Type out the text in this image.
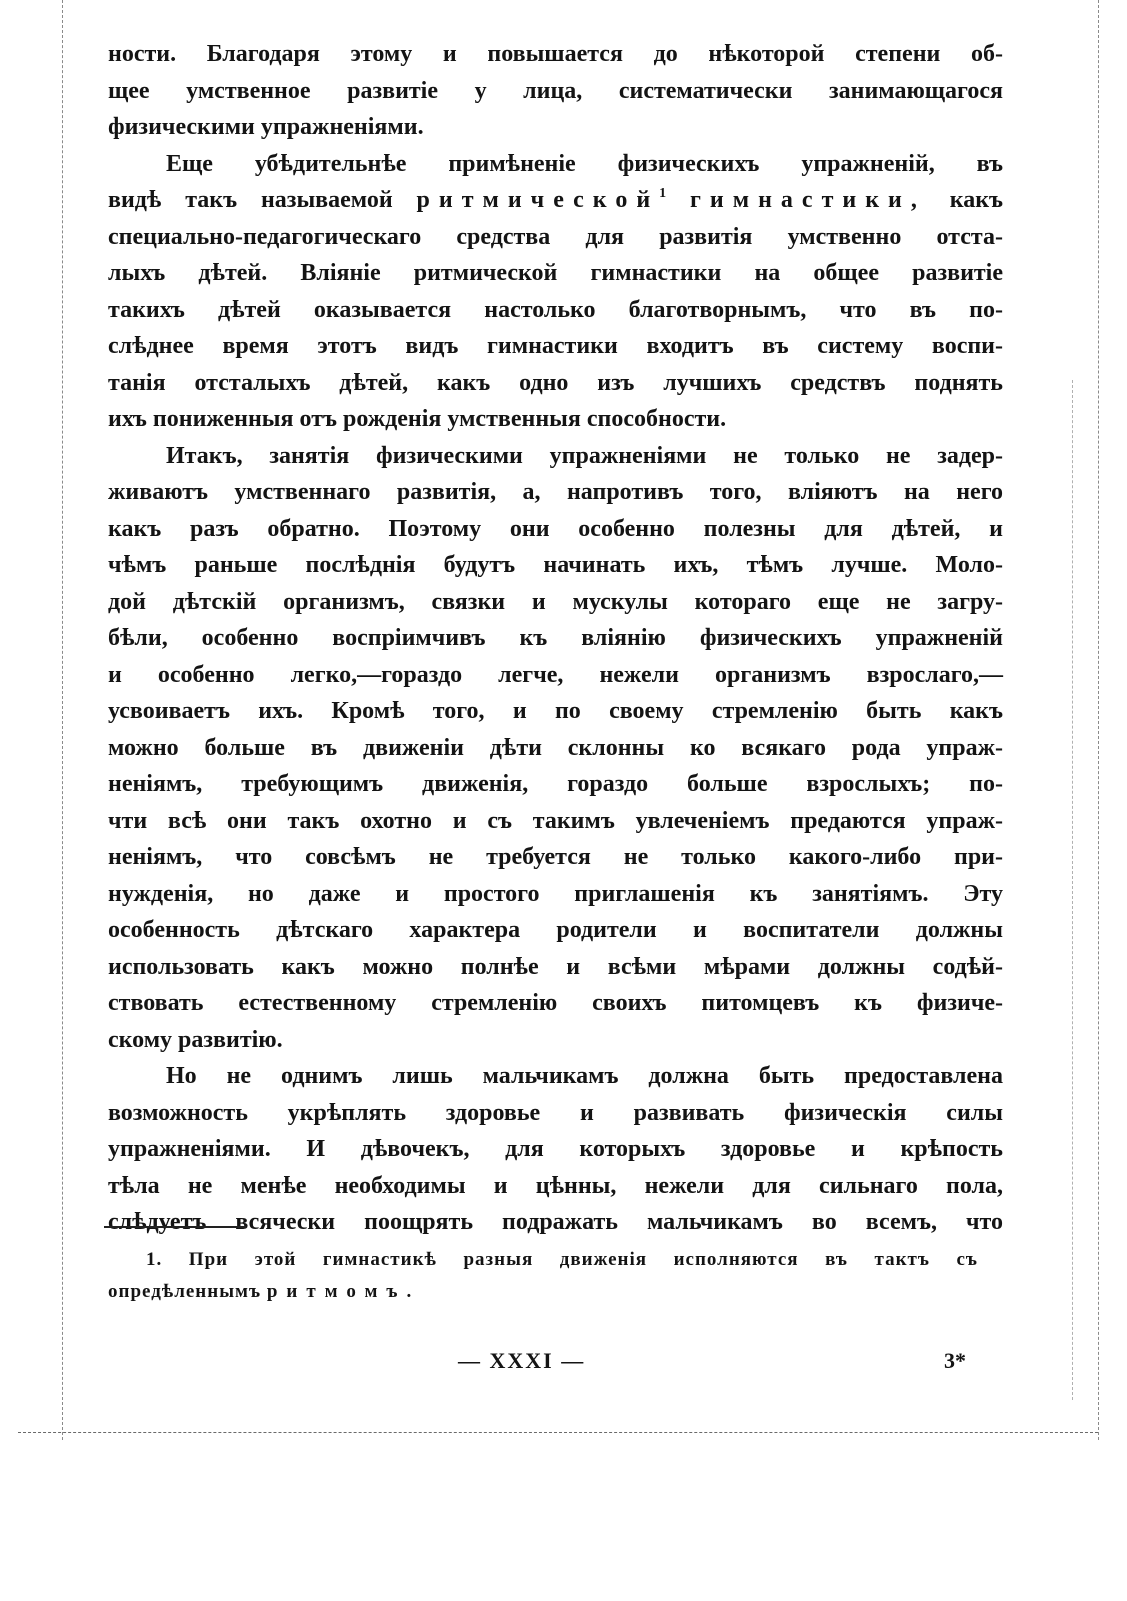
ности. Благодаря этому и повышается до нѣкоторой степени об-
щее умственное развитіе у лица, систематически занимающагося
физическими упражненіями.
Еще убѣдительнѣе примѣненіе физическихъ упражненій, въ
видѣ такъ называемой ритмической$^1$ гимнастики, какъ
специально-педагогическаго средства для развитія умственно отста-
лыхъ дѣтей. Вліяніе ритмической гимнастики на общее развитіе
такихъ дѣтей оказывается настолько благотворнымъ, что въ по-
слѣднее время этотъ видъ гимнастики входитъ въ систему воспи-
танія отсталыхъ дѣтей, какъ одно изъ лучшихъ средствъ поднять
ихъ пониженныя отъ рожденія умственныя способности.
Итакъ, занятія физическими упражненіями не только не задер-
живаютъ умственнаго развитія, а, напротивъ того, вліяютъ на него
какъ разъ обратно. Поэтому они особенно полезны для дѣтей, и
чѣмъ раньше послѣднія будутъ начинать ихъ, тѣмъ лучше. Моло-
дой дѣтскій организмъ, связки и мускулы котораго еще не загру-
бѣли, особенно воспріимчивъ къ вліянію физическихъ упражненій
и особенно легко,—гораздо легче, нежели организмъ взрослаго,—
усвоиваетъ ихъ. Кромѣ того, и по своему стремленію быть какъ
можно больше въ движеніи дѣти склонны ко всякаго рода упраж-
неніямъ, требующимъ движенія, гораздо больше взрослыхъ; по-
чти всѣ они такъ охотно и съ такимъ увлеченіемъ предаются упраж-
неніямъ, что совсѣмъ не требуется не только какого-либо при-
нужденія, но даже и простого приглашенія къ занятіямъ. Эту
особенность дѣтскаго характера родители и воспитатели должны
использовать какъ можно полнѣе и всѣми мѣрами должны содѣй-
ствовать естественному стремленію своихъ питомцевъ къ физиче-
скому развитію.
Но не однимъ лишь мальчикамъ должна быть предоставлена
возможность укрѣплять здоровье и развивать физическія силы
упражненіями. И дѣвочекъ, для которыхъ здоровье и крѣпость
тѣла не менѣе необходимы и цѣнны, нежели для сильнаго пола,
слѣдуетъ всячески поощрять подражать мальчикамъ во всемъ, что
1. При этой гимнастикѣ разныя движенія исполняются въ тактъ съ
опредѣленнымъ ритмомъ.
— XXXI —	3*
